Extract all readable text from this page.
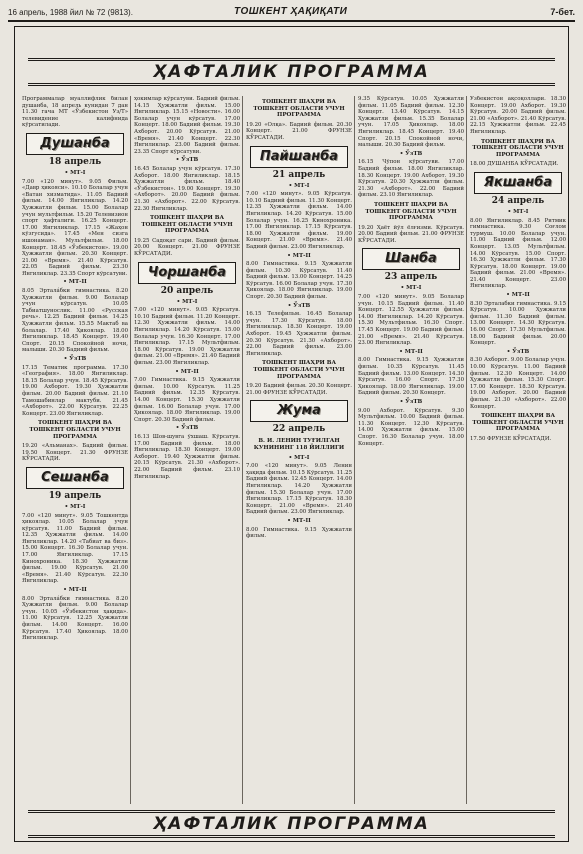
16 апрель, 1988 йил № 72 (9813).	ТОШКЕНТ ҲАҚИҚАТИ	7-бет.
ҲАФТАЛИК ПРОГРАММА

Программалар муаллифлик билан душанба, 18 апрель кунидан 7 дан 11.30 гача МТ «Ўзбекистон Уз/Т» телевидение калифнида кўрсатилади.

Душанба
18 апрель
• МТ-I

7.00 «120 минут». 9.05 Фильм. «Давр ҳикояси». 10.10 Болалар учун «Ватан хизматида». 11.05 Бадиий фильм. 14.00 Янгиликлар. 14.20 Ҳужжатли фильм. 15.00 Болалар учун мультфильм. 15.20 Телевизион спорт ҳафталиги. 16.25 Концерт. 17.00 Янгиликлар. 17.15 «Жаҳон кўзгусида». 17.45 «Мен сизга ишонаман». Мультфильм. 18.00 Концерт. 18.45 «Ўзбекистон». 19.00 Ҳужжатли фильм. 20.30 Концерт. 21.00 «Время». 21.40 Кўрсатув. 22.05 Бадиий фильм. 23.30 Янгиликлар. 23.35 Спорт кўрсатуви.

• МТ-II

8.05 Эртала́бки гимнастика. 8.20 Ҳужжатли фильм. 9.00 Болалар учун кўрсатув. 10.05 Табиатшунослик. 11.00 «Русская речь». 12.25 Бадиий фильм. 14.25 Ҳужжатли фильм. 15.55 Мактаб ва болалар. 17.40 Ҳикоялар. 18.00 Янгиликлар. 18.45 Концерт. 19.40 Спорт. 20.15 Спокойной ночи, малыши. 20.30 Бадиий фильм.

• ЎзТВ

17.15 Тематик программа. 17.30 «География». 18.00 Янгиликлар. 18.15 Болалар учун. 18.45 Кўрсатув. 19.00 Ахборот. 19.30 Ҳужжатли фильм. 20.00 Бадиий фильм. 21.10 Тамошабинлар мактуби. 21.45 «Ахборот». 22.00 Кўрсатув. 22.25 Концерт. 23.00 Янгиликлар.

ТОШКЕНТ ШАҲРИ ВА ТОШКЕНТ ОБЛАСТИ УЧУН ПРОГРАММА

19.20 «Альманах». Бадиий фильм. 19.50 Концерт. 21.30 ФРУНЗЕ КЎРСАТАДИ.

Сешанба
19 апрель
• МТ-I

7.00 «120 минут». 9.05 Тошкентда ҳикоялар. 10.05 Болалар учун кўрсатув. 11.00 Бадиий фильм. 12.35 Ҳужжатли фильм. 14.00 Янгиликлар. 14.20 «Табиат ва биз». 15.00 Концерт. 16.30 Болалар учун. 17.00 Янгиликлар. 17.15 Кинохроника. 18.30 Ҳужжатли фильм. 19.00 Кўрсатув. 21.00 «Время». 21.40 Кўрсатув. 22.30 Янгиликлар.

• МТ-II

8.00 Эртала́бки гимнастика. 8.20 Ҳужжатли фильм. 9.00 Болалар учун. 10.05 «Ўзбекистон ҳақида». 11.00 Кўрсатув. 12.25 Ҳужжатли фильм. 14.00 Концерт. 16.00 Кўрсатув. 17.40 Ҳикоялар. 18.00 Янгиликлар.

ҳокимлар кўрсатуви. Бадиий фильм. 14.15 Ҳужжатли фильм. 15.00 Янгиликлар. 15.15 «Новости». 16.00 Болалар учун кўрсатув. 17.00 Концерт. 18.00 Бадиий фильм. 19.30 Ахборот. 20.00 Кўрсатув. 21.00 «Время». 21.40 Концерт. 22.30 Янгиликлар. 23.00 Бадиий фильм. 23.35 Спорт кўрсатуви.

• ЎзТВ

16.45 Болалар учун кўрсатув. 17.30 Ахборот. 18.00 Янгиликлар. 18.15 Ҳужжатли фильм. 18.40 «Ўзбекистон». 19.00 Концерт. 19.30 «Ахборот». 20.00 Бадиий фильм. 21.30 «Ахборот». 22.00 Кўрсатув. 22.30 Янгиликлар.

ТОШКЕНТ ШАҲРИ ВА ТОШКЕНТ ОБЛАСТИ УЧУН ПРОГРАММА

19.25 Садоқат сари. Бадиий фильм. 20.00 Концерт. 21.00 ФРУНЗЕ КЎРСАТАДИ.

Чоршанба
20 апрель
• МТ-I

7.00 «120 минут». 9.05 Кўрсатув. 10.10 Бадиий фильм. 11.20 Концерт. 12.30 Ҳужжатли фильм. 14.00 Янгиликлар. 14.20 Кўрсатув. 15.00 Болалар учун. 16.30 Концерт. 17.00 Янгиликлар. 17.15 Мультфильм. 18.00 Кўрсатув. 19.00 Ҳужжатли фильм. 21.00 «Время». 21.40 Бадиий фильм. 23.00 Янгиликлар.

• МТ-II

7.00 Гимнастика. 9.15 Ҳужжатли фильм. 10.00 Кўрсатув. 11.25 Бадиий фильм. 12.35 Кўрсатув. 14.00 Концерт. 15.30 Ҳужжатли фильм. 16.00 Болалар учун. 17.00 Ҳикоялар. 18.00 Янгиликлар. 19.00 Спорт. 20.30 Бадиий фильм.

• ЎзТВ

16.13 Шов-шувга ўхшаш. Кўрсатув. 17.00 Бадиий фильм. 18.00 Янгиликлар. 18.30 Концерт. 19.00 Ахборот. 19.40 Ҳужжатли фильм. 20.15 Кўрсатув. 21.30 «Ахборот». 22.00 Бадиий фильм. 23.10 Янгиликлар.

ТОШКЕНТ ШАҲРИ ВА ТОШКЕНТ ОБЛАСТИ УЧУН ПРОГРАММА

19.20 «Олқа». Бадиий фильм. 20.30 Концерт. 21.00 ФРУНЗЕ КЎРСАТАДИ.

Пайшанба
21 апрель
• МТ-I

7.00 «120 минут». 9.05 Кўрсатув. 10.10 Бадиий фильм. 11.30 Концерт. 12.35 Ҳужжатли фильм. 14.00 Янгиликлар. 14.20 Кўрсатув. 15.00 Болалар учун. 16.25 Кинохроника. 17.00 Янгиликлар. 17.15 Кўрсатув. 18.00 Ҳужжатли фильм. 19.00 Концерт. 21.00 «Время». 21.40 Бадиий фильм. 23.00 Янгиликлар.

• МТ-II

8.00 Гимнастика. 9.15 Ҳужжатли фильм. 10.30 Кўрсатув. 11.40 Бадиий фильм. 13.00 Концерт. 14.25 Кўрсатув. 16.00 Болалар учун. 17.30 Ҳикоялар. 18.00 Янгиликлар. 19.00 Спорт. 20.30 Бадиий фильм.

• ЎзТВ

16.15 Телефильм. 16.45 Болалар учун. 17.30 Кўрсатув. 18.00 Янгиликлар. 18.30 Концерт. 19.00 Ахборот. 19.45 Ҳужжатли фильм. 20.30 Кўрсатув. 21.30 «Ахборот». 22.00 Бадиий фильм. 23.00 Янгиликлар.

ТОШКЕНТ ШАҲРИ ВА ТОШКЕНТ ОБЛАСТИ УЧУН ПРОГРАММА

19.20 Бадиий фильм. 20.30 Концерт. 21.00 ФРУНЗЕ КЎРСАТАДИ.

Жума
22 апрель
В. И. ЛЕНИН ТУҒИЛГАН КУНИНИНГ 118 ЙИЛЛИГИ
• МТ-I

7.00 «120 минут». 9.05 Ленин ҳақида фильм. 10.15 Кўрсатув. 11.25 Бадиий фильм. 12.45 Концерт. 14.00 Янгиликлар. 14.20 Ҳужжатли фильм. 15.30 Болалар учун. 17.00 Янгиликлар. 17.15 Кўрсатув. 18.30 Концерт. 21.00 «Время». 21.40 Бадиий фильм. 23.00 Янгиликлар.

• МТ-II

8.00 Гимнастика. 9.15 Ҳужжатли фильм.

9.35 Кўрсатув. 10.05 Ҳужжатли фильм. 11.05 Бадиий фильм. 12.30 Концерт. 13.40 Кўрсатув. 14.15 Ҳужжатли фильм. 15.35 Болалар учун. 17.05 Ҳикоялар. 18.00 Янгиликлар. 18.45 Концерт. 19.40 Спорт. 20.15 Спокойной ночи, малыши. 20.30 Бадиий фильм.

• ЎзТВ

16.15 Чўпон кўрсатуви. 17.00 Бадиий фильм. 18.00 Янгиликлар. 18.30 Концерт. 19.00 Ахборот. 19.30 Кўрсатув. 20.30 Ҳужжатли фильм. 21.30 «Ахборот». 22.00 Бадиий фильм. 23.10 Янгиликлар.

ТОШКЕНТ ШАҲРИ ВА ТОШКЕНТ ОБЛАСТИ УЧУН ПРОГРАММА

19.20 Ҳаёт йўл ёлғизми. Кўрсатув. 20.00 Бадиий фильм. 21.00 ФРУНЗЕ КЎРСАТАДИ.

Шанба
23 апрель
• МТ-I

7.00 «120 минут». 9.05 Болалар учун. 10.15 Бадиий фильм. 11.40 Концерт. 12.55 Ҳужжатли фильм. 14.00 Янгиликлар. 14.20 Кўрсатув. 15.30 Мультфильм. 16.30 Спорт. 17.45 Концерт. 19.00 Бадиий фильм. 21.00 «Время». 21.40 Кўрсатув. 23.00 Янгиликлар.

• МТ-II

8.00 Гимнастика. 9.15 Ҳужжатли фильм. 10.35 Кўрсатув. 11.45 Бадиий фильм. 13.00 Концерт. 14.30 Кўрсатув. 16.00 Спорт. 17.30 Ҳикоялар. 18.00 Янгиликлар. 19.00 Бадиий фильм. 20.30 Концерт.

• ЎзТВ

9.00 Ахборот. Кўрсатув. 9.30 Мультфильм. 10.00 Бадиий фильм. 11.30 Концерт. 12.30 Кўрсатув. 14.00 Ҳужжатли фильм. 15.00 Спорт. 16.30 Болалар учун. 18.00 Концерт.

Ўзбекистон ақсоқоллари. 18.30 Концерт. 19.00 Ахборот. 19.30 Кўрсатув. 20.00 Бадиий фильм. 21.00 «Ахборот». 21.40 Кўрсатув. 22.15 Ҳужжатли фильм. 22.45 Янгиликлар.

ТОШКЕНТ ШАҲРИ ВА ТОШКЕНТ ОБЛАСТИ УЧУН ПРОГРАММА

18.00 ДУШАНБА КЎРСАТАДИ.

Якшанба
24 апрель
• МТ-I

8.00 Янгиликлар. 8.45 Ритмик гимнастика. 9.30 Соғлом турмуш. 10.00 Болалар учун. 11.00 Бадиий фильм. 12.00 Концерт. 13.05 Мультфильм. 14.00 Кўрсатув. 15.00 Спорт. 16.30 Ҳужжатли фильм. 17.30 Кўрсатув. 18.00 Концерт. 19.00 Бадиий фильм. 21.00 «Время». 21.40 Концерт. 23.00 Янгиликлар.

• МТ-II

8.30 Эрталабки гимнастика. 9.15 Кўрсатув. 10.00 Ҳужжатли фильм. 11.30 Бадиий фильм. 13.00 Концерт. 14.30 Кўрсатув. 16.00 Спорт. 17.30 Мультфильм. 18.00 Бадиий фильм. 20.00 Концерт.

• ЎзТВ

8.30 Ахборот. 9.00 Болалар учун. 10.00 Кўрсатув. 11.00 Бадиий фильм. 12.30 Концерт. 14.00 Ҳужжатли фильм. 15.30 Спорт. 17.00 Концерт. 18.30 Кўрсатув. 19.00 Ахборот. 20.00 Бадиий фильм. 21.30 «Ахборот». 22.00 Концерт.

ТОШКЕНТ ШАҲРИ ВА ТОШКЕНТ ОБЛАСТИ УЧУН ПРОГРАММА

17.50 ФРУНЗЕ КЎРСАТАДИ.

ҲАФТАЛИК ПРОГРАММА
